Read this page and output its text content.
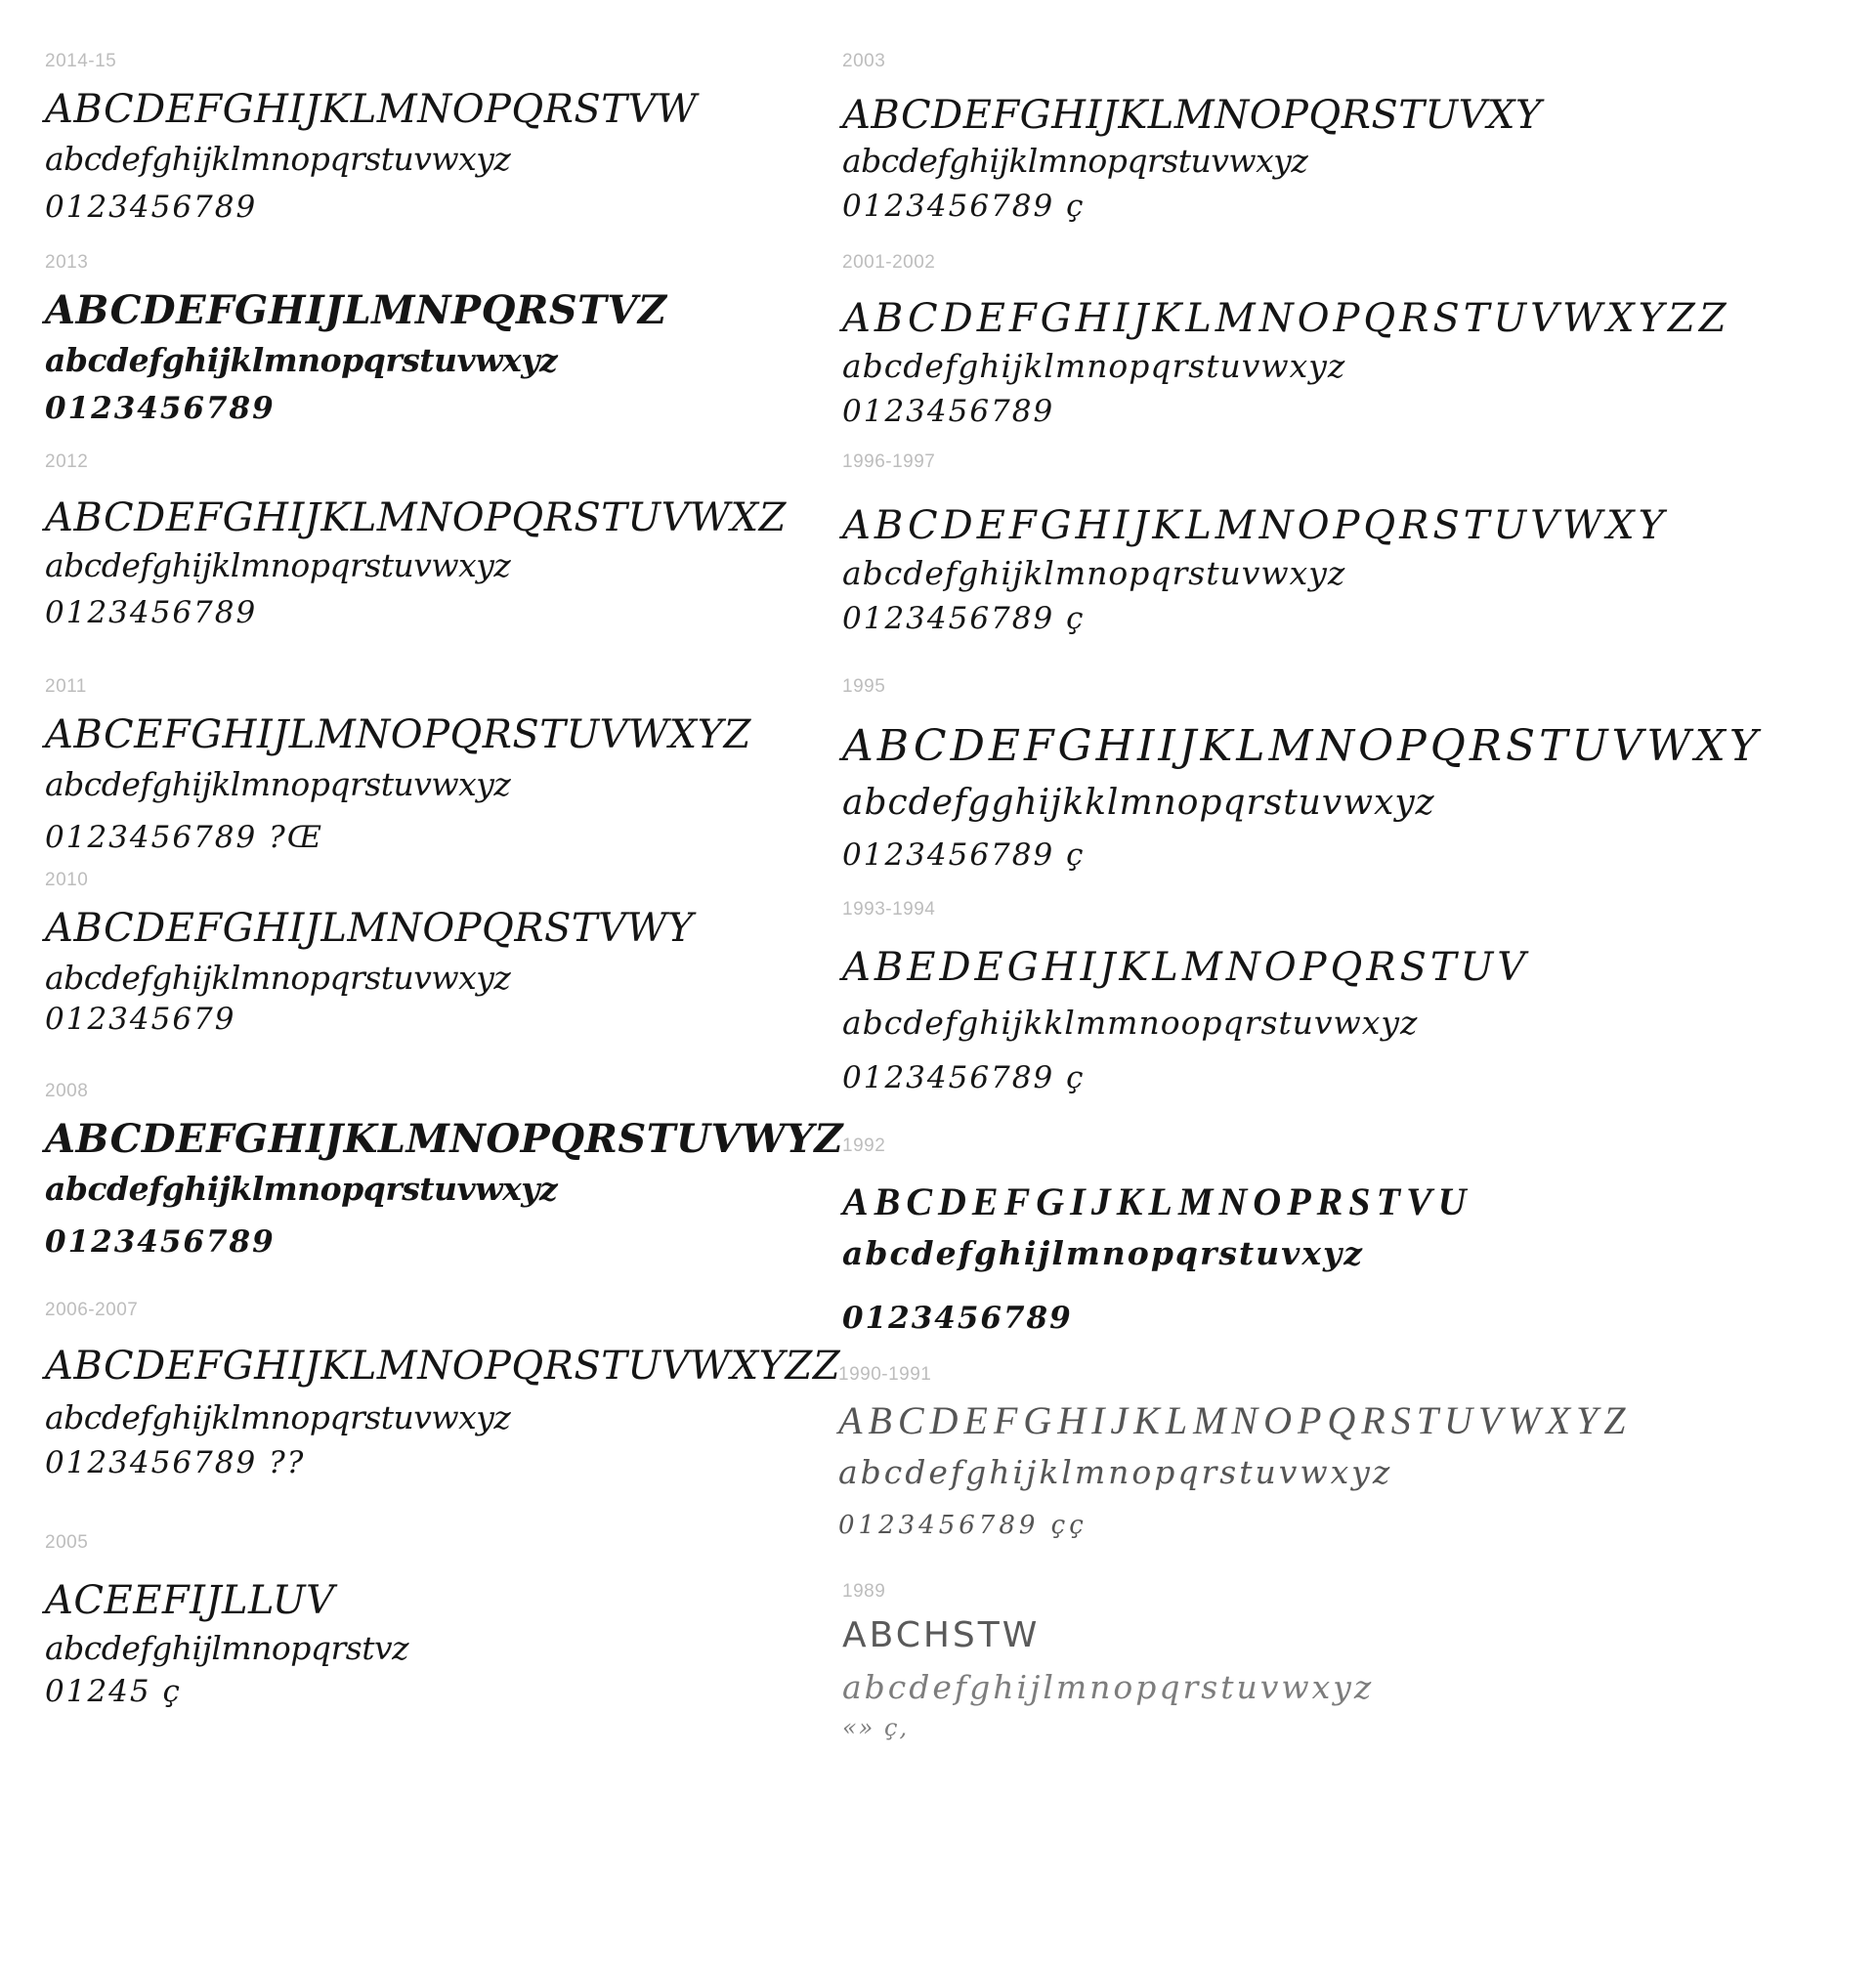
2014-15
ABCDEFGHIJKLMNOPQRSTVW
abcdefghijklmnopqrstuvwxyz
0123456789
2013
ABCDEFGHIJLMNPQRSTVZ
abcdefghijklmnopqrstuvwxyz
0123456789
2012
ABCDEFGHIJKLMNOPQRSTUVWXZ
abcdefghijklmnopqrstuvwxyz
0123456789
2011
ABCEFGHIJLMNOPQRSTUVWXYZ
abcdefghijklmnopqrstuvwxyz
0123456789 ?Œ
2010
ABCDEFGHIJLMNOPQRSTVWY
abcdefghijklmnopqrstuvwxyz
012345679
2008
ABCDEFGHIJKLMNOPQRSTUVWYZ
abcdefghijklmnopqrstuvwxyz
0123456789
2006-2007
ABCDEFGHIJKLMNOPQRSTUVWXYZZ
abcdefghijklmnopqrstuvwxyz
0123456789 ??
2005
ACEEFIJLLUV
abcdefghijlmnopqrstvz
01245 ç
2003
ABCDEFGHIJKLMNOPQRSTUVXY
abcdefghijklmnopqrstuvwxyz
0123456789 ç
2001-2002
ABCDEFGHIJKLMNOPQRSTUVWXYZZ
abcdefghijklmnopqrstuvwxyz
0123456789
1996-1997
ABCDEFGHIJKLMNOPQRSTUVWXY
abcdefghijklmnopqrstuvwxyz
0123456789 ç
1995
ABCDEFGHIIJKLMNOPQRSTUVWXY
abcdefgghijkklmnopqrstuvwxyz
0123456789 ç
1993-1994
ABEDEGHIJKLMNOPQRSTUV
abcdefghijkklmmnoopqrstuvwxyz
0123456789 ç
1992
ABCDEFGIJKLMNOPRSTVU
abcdefghijlmnopqrstuvxyz
0123456789
1990-1991
ABCDEFGHIJKLMNOPQRSTUVWXYZ
abcdefghijklmnopqrstuvwxyz
0123456789 çç
1989
ABCHSTW
abcdefghijlmnopqrstuvwxyz
«» ç,
